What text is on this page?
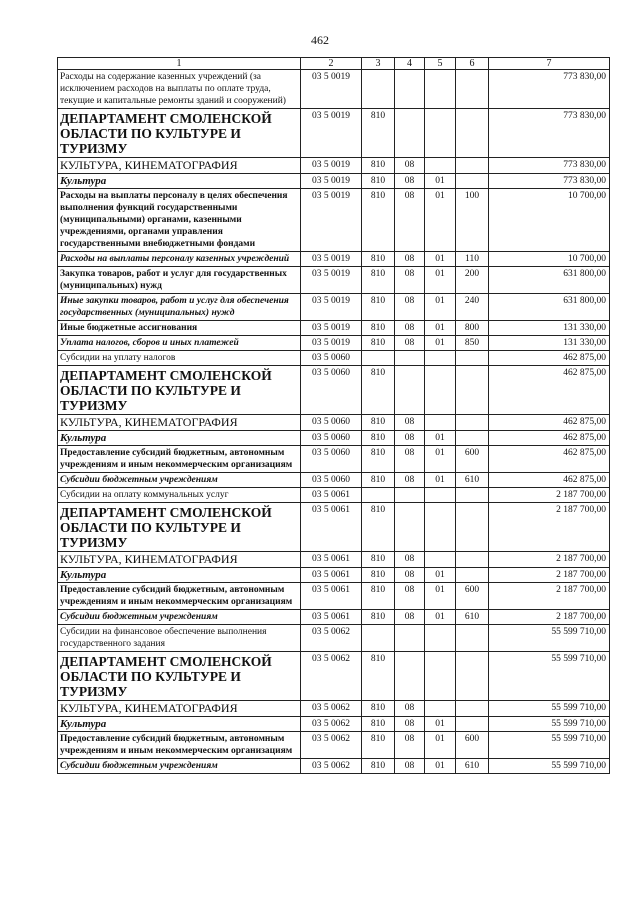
462
1	2	3	4	5	6	7
Расходы на содержание казенных учреждений (за исключением расходов на выплаты по оплате труда, текущие и капитальные ремонты зданий и сооружений)	03 5 0019					773 830,00
ДЕПАРТАМЕНТ СМОЛЕНСКОЙ ОБЛАСТИ ПО КУЛЬТУРЕ И ТУРИЗМУ	03 5 0019	810				773 830,00
КУЛЬТУРА, КИНЕМАТОГРАФИЯ	03 5 0019	810	08			773 830,00
Культура	03 5 0019	810	08	01		773 830,00
Расходы на выплаты персоналу в целях обеспечения выполнения функций государственными (муниципальными) органами, казенными учреждениями, органами управления государственными внебюджетными фондами	03 5 0019	810	08	01	100	10 700,00
Расходы на выплаты персоналу казенных учреждений	03 5 0019	810	08	01	110	10 700,00
Закупка товаров, работ и услуг для государственных (муниципальных) нужд	03 5 0019	810	08	01	200	631 800,00
Иные закупки товаров, работ и услуг для обеспечения государственных (муниципальных) нужд	03 5 0019	810	08	01	240	631 800,00
Иные бюджетные ассигнования	03 5 0019	810	08	01	800	131 330,00
Уплата налогов, сборов и иных платежей	03 5 0019	810	08	01	850	131 330,00
Субсидии на уплату налогов	03 5 0060					462 875,00
ДЕПАРТАМЕНТ СМОЛЕНСКОЙ ОБЛАСТИ ПО КУЛЬТУРЕ И ТУРИЗМУ	03 5 0060	810				462 875,00
КУЛЬТУРА, КИНЕМАТОГРАФИЯ	03 5 0060	810	08			462 875,00
Культура	03 5 0060	810	08	01		462 875,00
Предоставление субсидий бюджетным, автономным учреждениям и иным некоммерческим организациям	03 5 0060	810	08	01	600	462 875,00
Субсидии бюджетным учреждениям	03 5 0060	810	08	01	610	462 875,00
Субсидии на оплату коммунальных услуг	03 5 0061					2 187 700,00
ДЕПАРТАМЕНТ СМОЛЕНСКОЙ ОБЛАСТИ ПО КУЛЬТУРЕ И ТУРИЗМУ	03 5 0061	810				2 187 700,00
КУЛЬТУРА, КИНЕМАТОГРАФИЯ	03 5 0061	810	08			2 187 700,00
Культура	03 5 0061	810	08	01		2 187 700,00
Предоставление субсидий бюджетным, автономным учреждениям и иным некоммерческим организациям	03 5 0061	810	08	01	600	2 187 700,00
Субсидии бюджетным учреждениям	03 5 0061	810	08	01	610	2 187 700,00
Субсидии на финансовое обеспечение выполнения государственного задания	03 5 0062					55 599 710,00
ДЕПАРТАМЕНТ СМОЛЕНСКОЙ ОБЛАСТИ ПО КУЛЬТУРЕ И ТУРИЗМУ	03 5 0062	810				55 599 710,00
КУЛЬТУРА, КИНЕМАТОГРАФИЯ	03 5 0062	810	08			55 599 710,00
Культура	03 5 0062	810	08	01		55 599 710,00
Предоставление субсидий бюджетным, автономным учреждениям и иным некоммерческим организациям	03 5 0062	810	08	01	600	55 599 710,00
Субсидии бюджетным учреждениям	03 5 0062	810	08	01	610	55 599 710,00
